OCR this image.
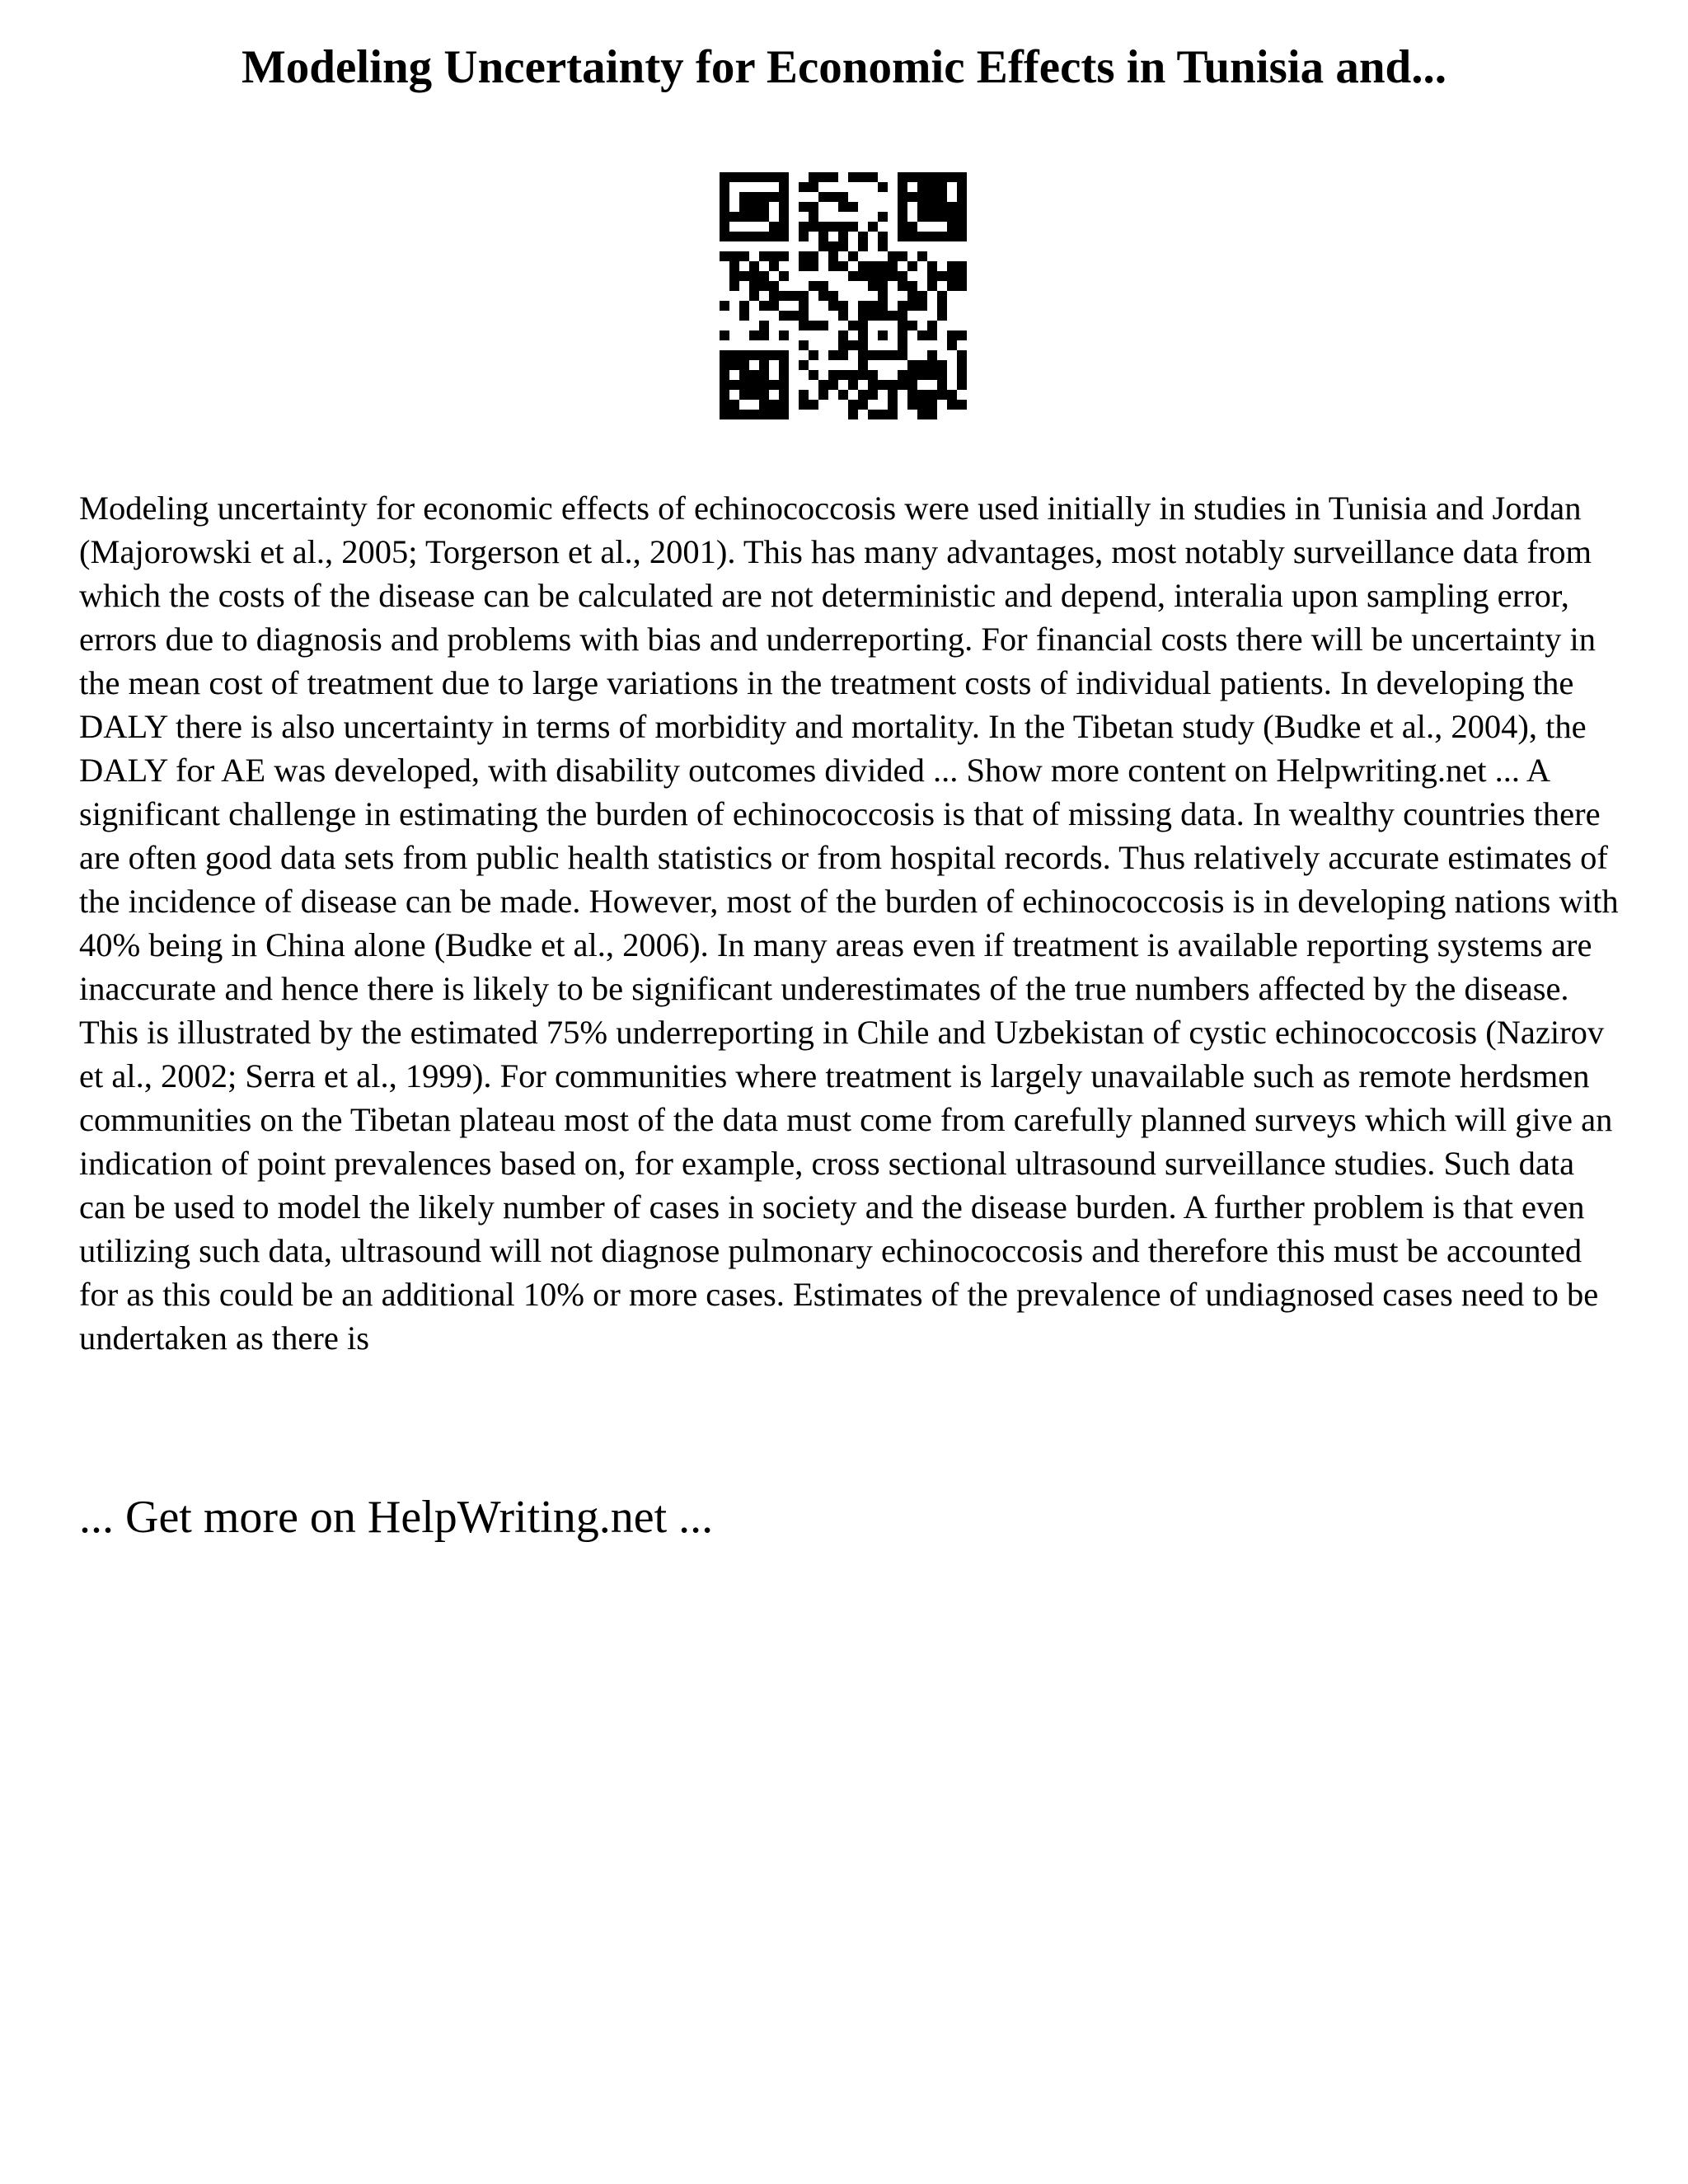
Modeling Uncertainty for Economic Effects in Tunisia and...

Modeling uncertainty for economic effects of echinococcosis were used initially in studies in Tunisia and Jordan (Majorowski et al., 2005; Torgerson et al., 2001). This has many advantages, most notably surveillance data from which the costs of the disease can be calculated are not deterministic and depend, interalia upon sampling error, errors due to diagnosis and problems with bias and underreporting. For financial costs there will be uncertainty in the mean cost of treatment due to large variations in the treatment costs of individual patients. In developing the DALY there is also uncertainty in terms of morbidity and mortality. In the Tibetan study (Budke et al., 2004), the DALY for AE was developed, with disability outcomes divided ... Show more content on Helpwriting.net ... A significant challenge in estimating the burden of echinococcosis is that of missing data. In wealthy countries there are often good data sets from public health statistics or from hospital records. Thus relatively accurate estimates of the incidence of disease can be made. However, most of the burden of echinococcosis is in developing nations with 40% being in China alone (Budke et al., 2006). In many areas even if treatment is available reporting systems are inaccurate and hence there is likely to be significant underestimates of the true numbers affected by the disease. This is illustrated by the estimated 75% underreporting in Chile and Uzbekistan of cystic echinococcosis (Nazirov et al., 2002; Serra et al., 1999). For communities where treatment is largely unavailable such as remote herdsmen communities on the Tibetan plateau most of the data must come from carefully planned surveys which will give an indication of point prevalences based on, for example, cross sectional ultrasound surveillance studies. Such data can be used to model the likely number of cases in society and the disease burden. A further problem is that even utilizing such data, ultrasound will not diagnose pulmonary echinococcosis and therefore this must be accounted for as this could be an additional 10% or more cases. Estimates of the prevalence of undiagnosed cases need to be undertaken as there is

... Get more on HelpWriting.net ...
